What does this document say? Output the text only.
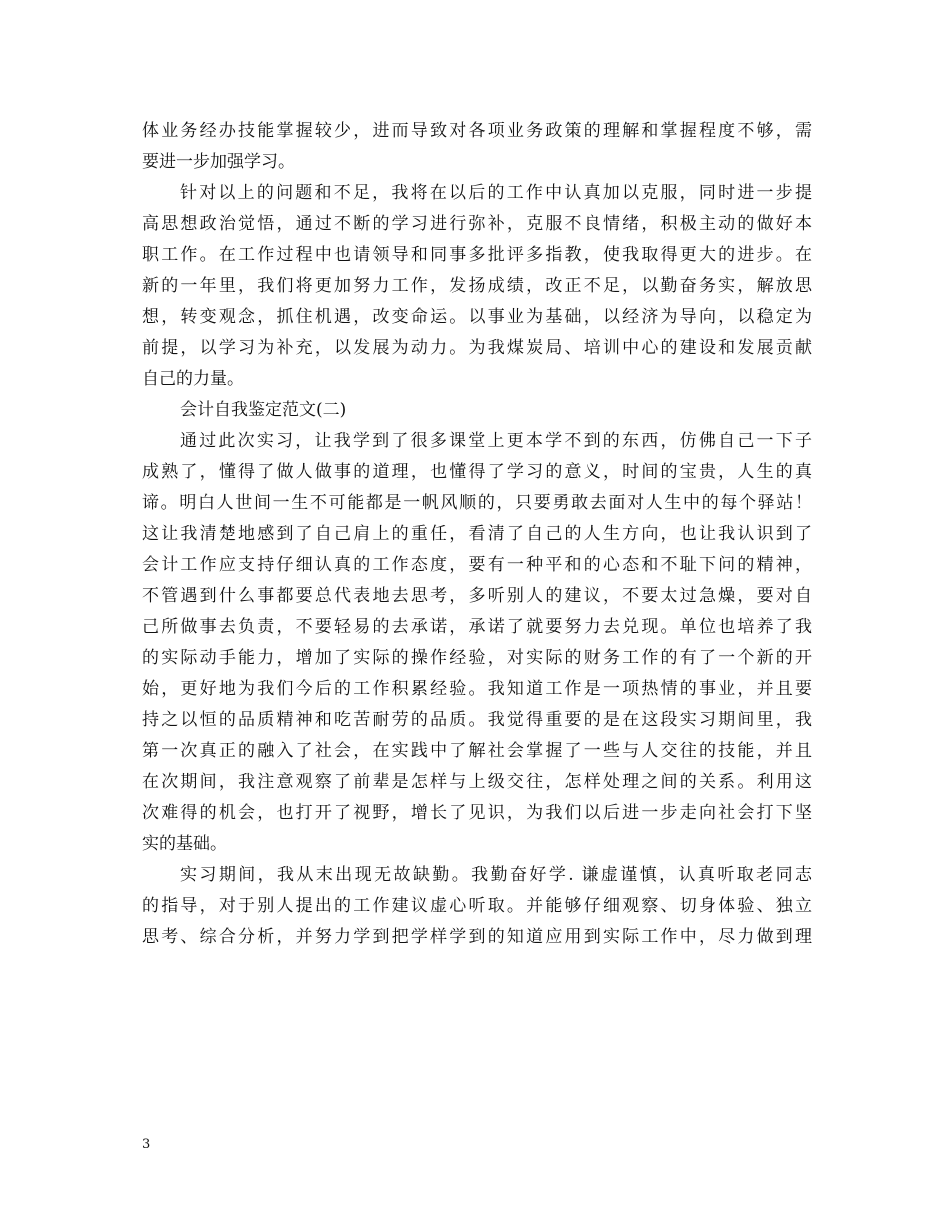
体业务经办技能掌握较少，进而导致对各项业务政策的理解和掌握程度不够，需
要进一步加强学习。
针对以上的问题和不足，我将在以后的工作中认真加以克服，同时进一步提
高思想政治觉悟，通过不断的学习进行弥补，克服不良情绪，积极主动的做好本
职工作。在工作过程中也请领导和同事多批评多指教，使我取得更大的进步。在
新的一年里，我们将更加努力工作，发扬成绩，改正不足，以勤奋务实，解放思
想，转变观念，抓住机遇，改变命运。以事业为基础，以经济为导向，以稳定为
前提，以学习为补充，以发展为动力。为我煤炭局、培训中心的建设和发展贡献
自己的力量。
会计自我鉴定范文(二)
通过此次实习，让我学到了很多课堂上更本学不到的东西，仿佛自己一下子
成熟了，懂得了做人做事的道理，也懂得了学习的意义，时间的宝贵，人生的真
谛。明白人世间一生不可能都是一帆风顺的，只要勇敢去面对人生中的每个驿站！
这让我清楚地感到了自己肩上的重任，看清了自己的人生方向，也让我认识到了
会计工作应支持仔细认真的工作态度，要有一种平和的心态和不耻下问的精神，
不管遇到什么事都要总代表地去思考，多听别人的建议，不要太过急燥，要对自
己所做事去负责，不要轻易的去承诺，承诺了就要努力去兑现。单位也培养了我
的实际动手能力，增加了实际的操作经验，对实际的财务工作的有了一个新的开
始，更好地为我们今后的工作积累经验。我知道工作是一项热情的事业，并且要
持之以恒的品质精神和吃苦耐劳的品质。我觉得重要的是在这段实习期间里，我
第一次真正的融入了社会，在实践中了解社会掌握了一些与人交往的技能，并且
在次期间，我注意观察了前辈是怎样与上级交往，怎样处理之间的关系。利用这
次难得的机会，也打开了视野，增长了见识，为我们以后进一步走向社会打下坚
实的基础。
实习期间，我从末出现无故缺勤。我勤奋好学. 谦虚谨慎，认真听取老同志
的指导，对于别人提出的工作建议虚心听取。并能够仔细观察、切身体验、独立
思考、综合分析，并努力学到把学样学到的知道应用到实际工作中，尽力做到理
3
